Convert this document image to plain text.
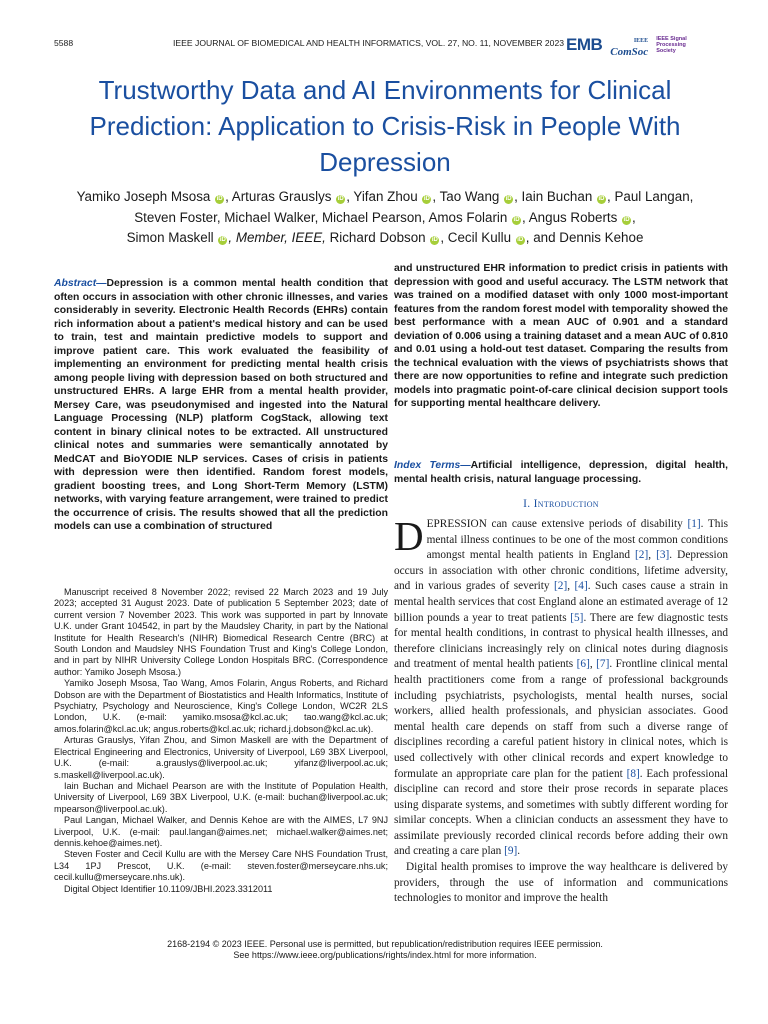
5588	IEEE JOURNAL OF BIOMEDICAL AND HEALTH INFORMATICS, VOL. 27, NO. 11, NOVEMBER 2023 EMB	IEEE
ComSoc
IEEE Signal Processing Society
Trustworthy Data and AI Environments for Clinical Prediction: Application to Crisis-Risk in People With Depression
Yamiko Joseph Msosa iD , Arturas Grauslys iD , Yifan Zhou iD , Tao Wang iD , Iain Buchan iD , Paul Langan,
Steven Foster, Michael Walker, Michael Pearson, Amos Folarin iD , Angus Roberts iD ,
Simon Maskell iD , Member, IEEE, Richard Dobson iD , Cecil Kullu iD , and Dennis Kehoe
Abstract—Depression is a common mental health condition that often occurs in association with other chronic illnesses, and varies considerably in severity. Electronic Health Records (EHRs) contain rich information about a patient's medical history and can be used to train, test and maintain predictive models to support and improve patient care. This work evaluated the feasibility of implementing an environment for predicting mental health crisis among people living with depression based on both structured and unstructured EHRs. A large EHR from a mental health provider, Mersey Care, was pseudonymised and ingested into the Natural Language Processing (NLP) platform CogStack, allowing text content in binary clinical notes to be extracted. All unstructured clinical notes and summaries were semantically annotated by MedCAT and BioYODIE NLP services. Cases of crisis in patients with depression were then identified. Random forest models, gradient boosting trees, and Long Short-Term Memory (LSTM) networks, with varying feature arrangement, were trained to predict the occurrence of crisis. The results showed that all the prediction models can use a combination of structured
and unstructured EHR information to predict crisis in patients with depression with good and useful accuracy. The LSTM network that was trained on a modified dataset with only 1000 most-important features from the random forest model with temporality showed the best performance with a mean AUC of 0.901 and a standard deviation of 0.006 using a training dataset and a mean AUC of 0.810 and 0.01 using a hold-out test dataset. Comparing the results from the technical evaluation with the views of psychiatrists shows that there are now opportunities to refine and integrate such prediction models into pragmatic point-of-care clinical decision support tools for supporting mental healthcare delivery.
Index Terms—Artificial intelligence, depression, digital health, mental health crisis, natural language processing.
I. Introduction
DEPRESSION can cause extensive periods of disability [1]. This mental illness continues to be one of the most common conditions amongst mental health patients in England [2], [3]. Depression occurs in association with other chronic conditions, lifetime adversity, and in various grades of severity [2], [4]. Such cases cause a strain in mental health services that cost England alone an estimated average of 12 billion pounds a year to treat patients [5]. There are few diagnostic tests for mental health conditions, in contrast to physical health illnesses, and therefore clinicians increasingly rely on clinical notes during diagnosis and treatment of mental health patients [6], [7]. Frontline clinical mental health practitioners come from a range of professional backgrounds including psychiatrists, psychologists, mental health nurses, social workers, allied health professionals, and physician associates. Good mental health care depends on staff from such a diverse range of disciplines recording a careful patient history in clinical notes, which is used collectively with other clinical records and expert knowledge to formulate an appropriate care plan for the patient [8]. Each professional discipline can record and store their prose records in separate places using disparate systems, and sometimes with subtly different wording for similar concepts. When a clinician conducts an assessment they have to assimilate previously recorded clinical records before adding their own and creating a care plan [9].
Digital health promises to improve the way healthcare is delivered by providers, through the use of information and communications technologies to monitor and improve the health

Manuscript received 8 November 2022; revised 22 March 2023 and 19 July 2023; accepted 31 August 2023. Date of publication 5 September 2023; date of current version 7 November 2023. This work was supported in part by Innovate U.K. under Grant 104542, in part by the Maudsley Charity, in part by the National Institute for Health Research's (NIHR) Biomedical Research Centre (BRC) at South London and Maudsley NHS Foundation Trust and King's College London, and in part by NIHR University College London Hospitals BRC. (Correspondence author: Yamiko Joseph Msosa.)

Yamiko Joseph Msosa, Tao Wang, Amos Folarin, Angus Roberts, and Richard Dobson are with the Department of Biostatistics and Health Informatics, Institute of Psychiatry, Psychology and Neuroscience, King's College London, WC2R 2LS London, U.K. (e-mail: yamiko.msosa@kcl.ac.uk; tao.wang@kcl.ac.uk; amos.folarin@kcl.ac.uk; angus.roberts@kcl.ac.uk; richard.j.dobson@kcl.ac.uk).

Arturas Grauslys, Yifan Zhou, and Simon Maskell are with the Department of Electrical Engineering and Electronics, University of Liverpool, L69 3BX Liverpool, U.K. (e-mail: a.grauslys@liverpool.ac.uk; yifanz@liverpool.ac.uk; s.maskell@liverpool.ac.uk).

Iain Buchan and Michael Pearson are with the Institute of Population Health, University of Liverpool, L69 3BX Liverpool, U.K. (e-mail: buchan@liverpool.ac.uk; mpearson@liverpool.ac.uk).

Paul Langan, Michael Walker, and Dennis Kehoe are with the AIMES, L7 9NJ Liverpool, U.K. (e-mail: paul.langan@aimes.net; michael.walker@aimes.net; dennis.kehoe@aimes.net).

Steven Foster and Cecil Kullu are with the Mersey Care NHS Foundation Trust, L34 1PJ Prescot, U.K. (e-mail: steven.foster@merseycare.nhs.uk; cecil.kullu@merseycare.nhs.uk).

Digital Object Identifier 10.1109/JBHI.2023.3312011

2168-2194 © 2023 IEEE. Personal use is permitted, but republication/redistribution requires IEEE permission.
See https://www.ieee.org/publications/rights/index.html for more information.
